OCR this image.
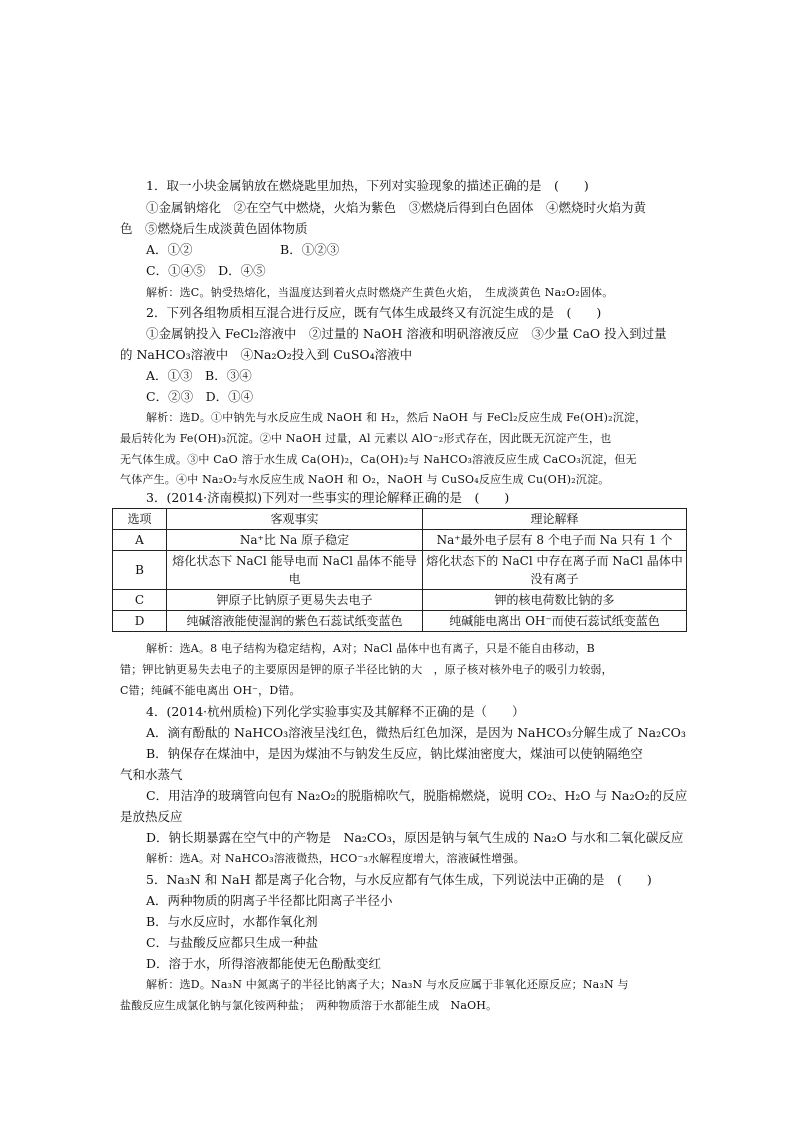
1．取一小块金属钠放在燃烧匙里加热，下列对实验现象的描述正确的是　(　　)
①金属钠熔化　②在空气中燃烧，火焰为紫色　③燃烧后得到白色固体　④燃烧时火焰为黄
色　⑤燃烧后生成淡黄色固体物质
A．①②　　　　　　　B．①②③
C．①④⑤　D．④⑤
解析：选C。钠受热熔化，当温度达到着火点时燃烧产生黄色火焰，　生成淡黄色 Na₂O₂固体。
2．下列各组物质相互混合进行反应，既有气体生成最终又有沉淀生成的是　(　　)
①金属钠投入 FeCl₂溶液中　②过量的 NaOH 溶液和明矾溶液反应　③少量 CaO 投入到过量
的 NaHCO₃溶液中　④Na₂O₂投入到 CuSO₄溶液中
A．①③　B．③④
C．②③　D．①④
解析：选D。①中钠先与水反应生成 NaOH 和 H₂，然后 NaOH 与 FeCl₂反应生成 Fe(OH)₂沉淀，
最后转化为 Fe(OH)₃沉淀。②中 NaOH 过量，Al 元素以 AlO⁻₂形式存在，因此既无沉淀产生，也
无气体生成。③中 CaO 溶于水生成 Ca(OH)₂，Ca(OH)₂与 NaHCO₃溶液反应生成 CaCO₃沉淀，但无
气体产生。④中 Na₂O₂与水反应生成 NaOH 和 O₂，NaOH 与 CuSO₄反应生成 Cu(OH)₂沉淀。
3．(2014·济南模拟)下列对一些事实的理论解释正确的是　(　　)
选项	客观事实	理论解释
A	Na⁺比 Na 原子稳定	Na⁺最外电子层有 8 个电子而 Na 只有 1 个
B	熔化状态下 NaCl 能导电而 NaCl 晶体不能导电	熔化状态下的 NaCl 中存在离子而 NaCl 晶体中没有离子
C	钾原子比钠原子更易失去电子	钾的核电荷数比钠的多
D	纯碱溶液能使湿润的紫色石蕊试纸变蓝色	纯碱能电离出 OH⁻而使石蕊试纸变蓝色
解析：选A。8 电子结构为稳定结构，A对；NaCl 晶体中也有离子，只是不能自由移动，B
错；钾比钠更易失去电子的主要原因是钾的原子半径比钠的大　，原子核对核外电子的吸引力较弱，
C错；纯碱不能电离出 OH⁻，D错。
4．(2014·杭州质检)下列化学实验事实及其解释不正确的是（　　）
A．滴有酚酞的 NaHCO₃溶液呈浅红色，微热后红色加深，是因为 NaHCO₃分解生成了 Na₂CO₃
B．钠保存在煤油中，是因为煤油不与钠发生反应，钠比煤油密度大，煤油可以使钠隔绝空
气和水蒸气
C．用洁净的玻璃管向包有 Na₂O₂的脱脂棉吹气，脱脂棉燃烧，说明 CO₂、H₂O 与 Na₂O₂的反应
是放热反应
D．钠长期暴露在空气中的产物是　Na₂CO₃，原因是钠与氧气生成的 Na₂O 与水和二氧化碳反应
解析：选A。对 NaHCO₃溶液微热，HCO⁻₃水解程度增大，溶液碱性增强。
5．Na₃N 和 NaH 都是离子化合物，与水反应都有气体生成，下列说法中正确的是　(　　)
A．两种物质的阴离子半径都比阳离子半径小
B．与水反应时，水都作氧化剂
C．与盐酸反应都只生成一种盐
D．溶于水，所得溶液都能使无色酚酞变红
解析：选D。Na₃N 中氮离子的半径比钠离子大；Na₃N 与水反应属于非氧化还原反应；Na₃N 与
盐酸反应生成氯化钠与氯化铵两种盐；　两种物质溶于水都能生成　NaOH。
